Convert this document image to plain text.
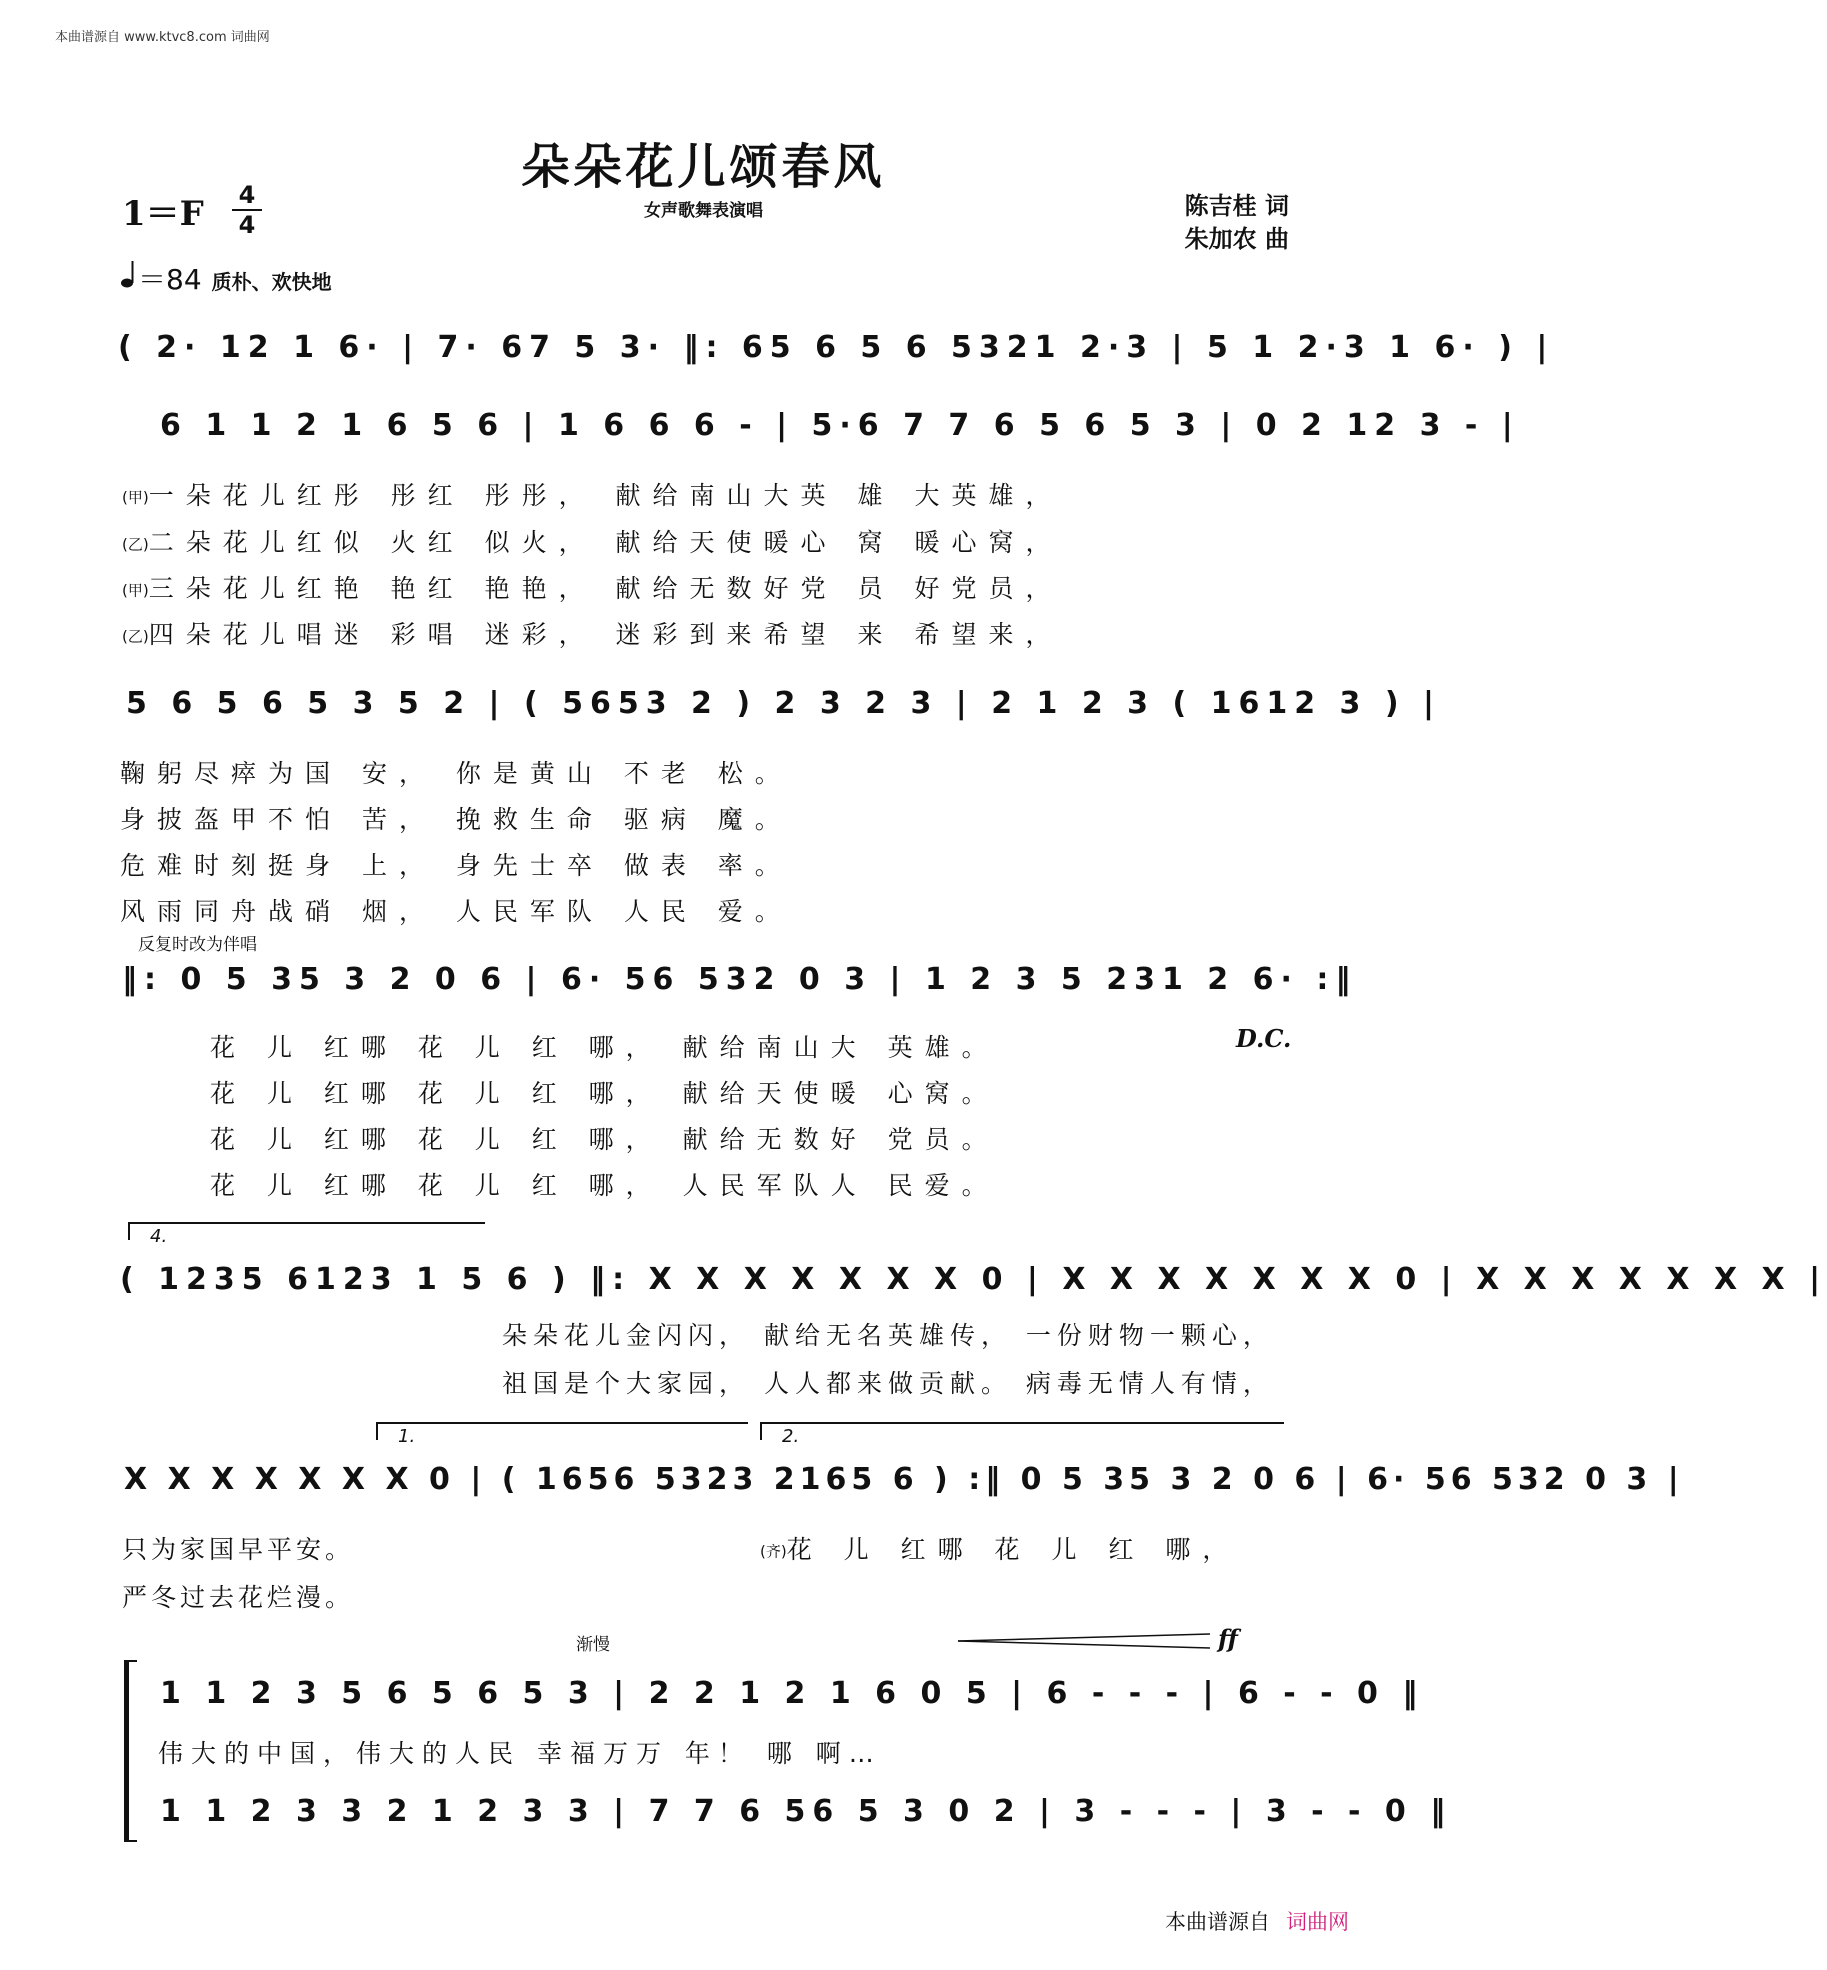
本曲谱源自 www.ktvc8.com 词曲网
朵朵花儿颂春风
女声歌舞表演唱
1＝F 4
4
陈吉桂 词
朱加农 曲
＝84 质朴、欢快地
( 2· 12 1 6· | 7· 67 5 3· ‖: 65 6 5 6 5321 2·3 | 5 1 2·3 1 6· ) |
6 1 1 2 1 6 5 6 | 1 6 6 6 - | 5·6 7 7 6 5 6 5 3 | 0 2 12 3 - |
(甲)一朵花儿红彤 彤红 彤彤， 献给南山大英 雄 大英雄，
(乙)二朵花儿红似 火红 似火， 献给天使暖心 窝 暖心窝，
(甲)三朵花儿红艳 艳红 艳艳， 献给无数好党 员 好党员，
(乙)四朵花儿唱迷 彩唱 迷彩， 迷彩到来希望 来 希望来，
5 6 5 6 5 3 5 2 | ( 5653 2 ) 2 3 2 3 | 2 1 2 3 ( 1612 3 ) |
鞠躬尽瘁为国 安， 你是黄山 不老 松。
身披盔甲不怕 苦， 挽救生命 驱病 魔。
危难时刻挺身 上， 身先士卒 做表 率。
风雨同舟战硝 烟， 人民军队 人民 爱。
反复时改为伴唱
‖: 0 5 35 3 2 0 6 | 6· 56 532 0 3 | 1 2 3 5 231 2 6· :‖
D.C.
花 儿 红哪 花 儿 红 哪， 献给南山大 英雄。
花 儿 红哪 花 儿 红 哪， 献给天使暖 心窝。
花 儿 红哪 花 儿 红 哪， 献给无数好 党员。
花 儿 红哪 花 儿 红 哪， 人民军队人 民爱。
4.
( 1235 6123 1 5 6 ) ‖: X X X X X X X 0 | X X X X X X X 0 | X X X X X X X |
朵朵花儿金闪闪， 献给无名英雄传， 一份财物一颗心，
祖国是个大家园， 人人都来做贡献。 病毒无情人有情，
1.	2.
X X X X X X X 0 | ( 1656 5323 2165 6 ) :‖ 0 5 35 3 2 0 6 | 6· 56 532 0 3 |
只为家国早平安。	(齐)花 儿 红哪 花 儿 红 哪，
严冬过去花烂漫。
渐慢	ff
1 1 2 3 5 6 5 6 5 3 | 2 2 1 2 1 6 0 5 | 6 - - - | 6 - - 0 ‖
伟大的中国，伟大的人民 幸福万万 年！ 哪 啊…
1 1 2 3 3 2 1 2 3 3 | 7 7 6 56 5 3 0 2 | 3 - - - | 3 - - 0 ‖
本曲谱源自 词曲网
